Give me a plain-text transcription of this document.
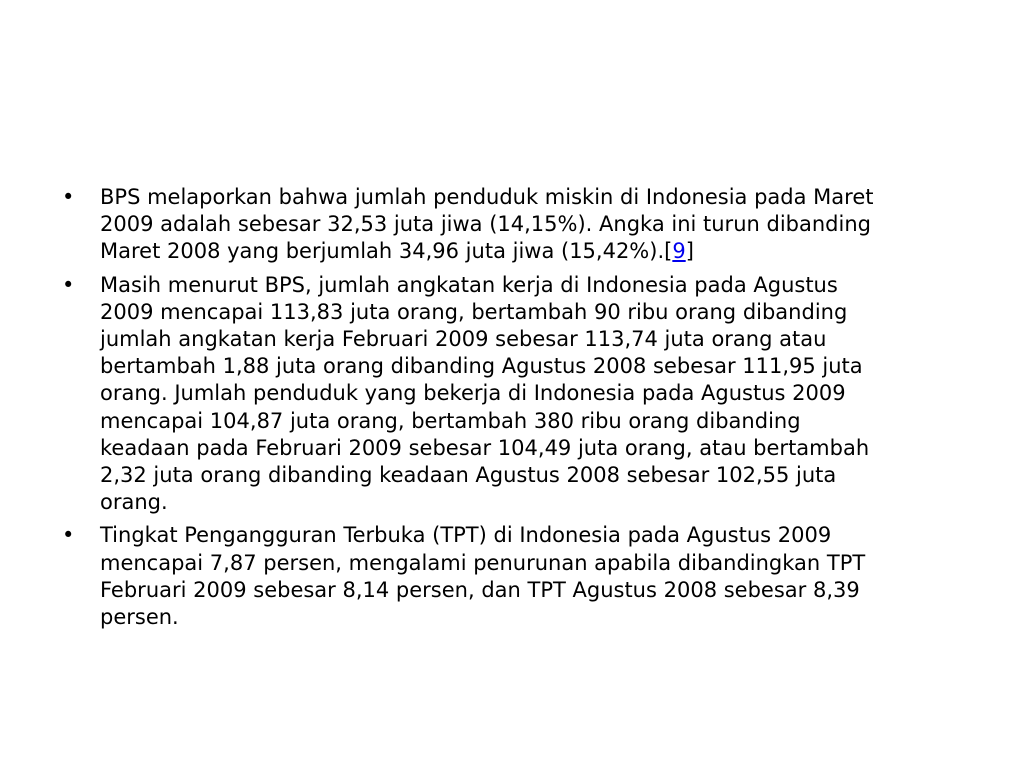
• BPS melaporkan bahwa jumlah penduduk miskin di Indonesia pada Maret
2009 adalah sebesar 32,53 juta jiwa (14,15%). Angka ini turun dibanding
Maret 2008 yang berjumlah 34,96 juta jiwa (15,42%).[9]
• Masih menurut BPS, jumlah angkatan kerja di Indonesia pada Agustus
2009 mencapai 113,83 juta orang, bertambah 90 ribu orang dibanding
jumlah angkatan kerja Februari 2009 sebesar 113,74 juta orang atau
bertambah 1,88 juta orang dibanding Agustus 2008 sebesar 111,95 juta
orang. Jumlah penduduk yang bekerja di Indonesia pada Agustus 2009
mencapai 104,87 juta orang, bertambah 380 ribu orang dibanding
keadaan pada Februari 2009 sebesar 104,49 juta orang, atau bertambah
2,32 juta orang dibanding keadaan Agustus 2008 sebesar 102,55 juta
orang.
• Tingkat Pengangguran Terbuka (TPT) di Indonesia pada Agustus 2009
mencapai 7,87 persen, mengalami penurunan apabila dibandingkan TPT
Februari 2009 sebesar 8,14 persen, dan TPT Agustus 2008 sebesar 8,39
persen.
